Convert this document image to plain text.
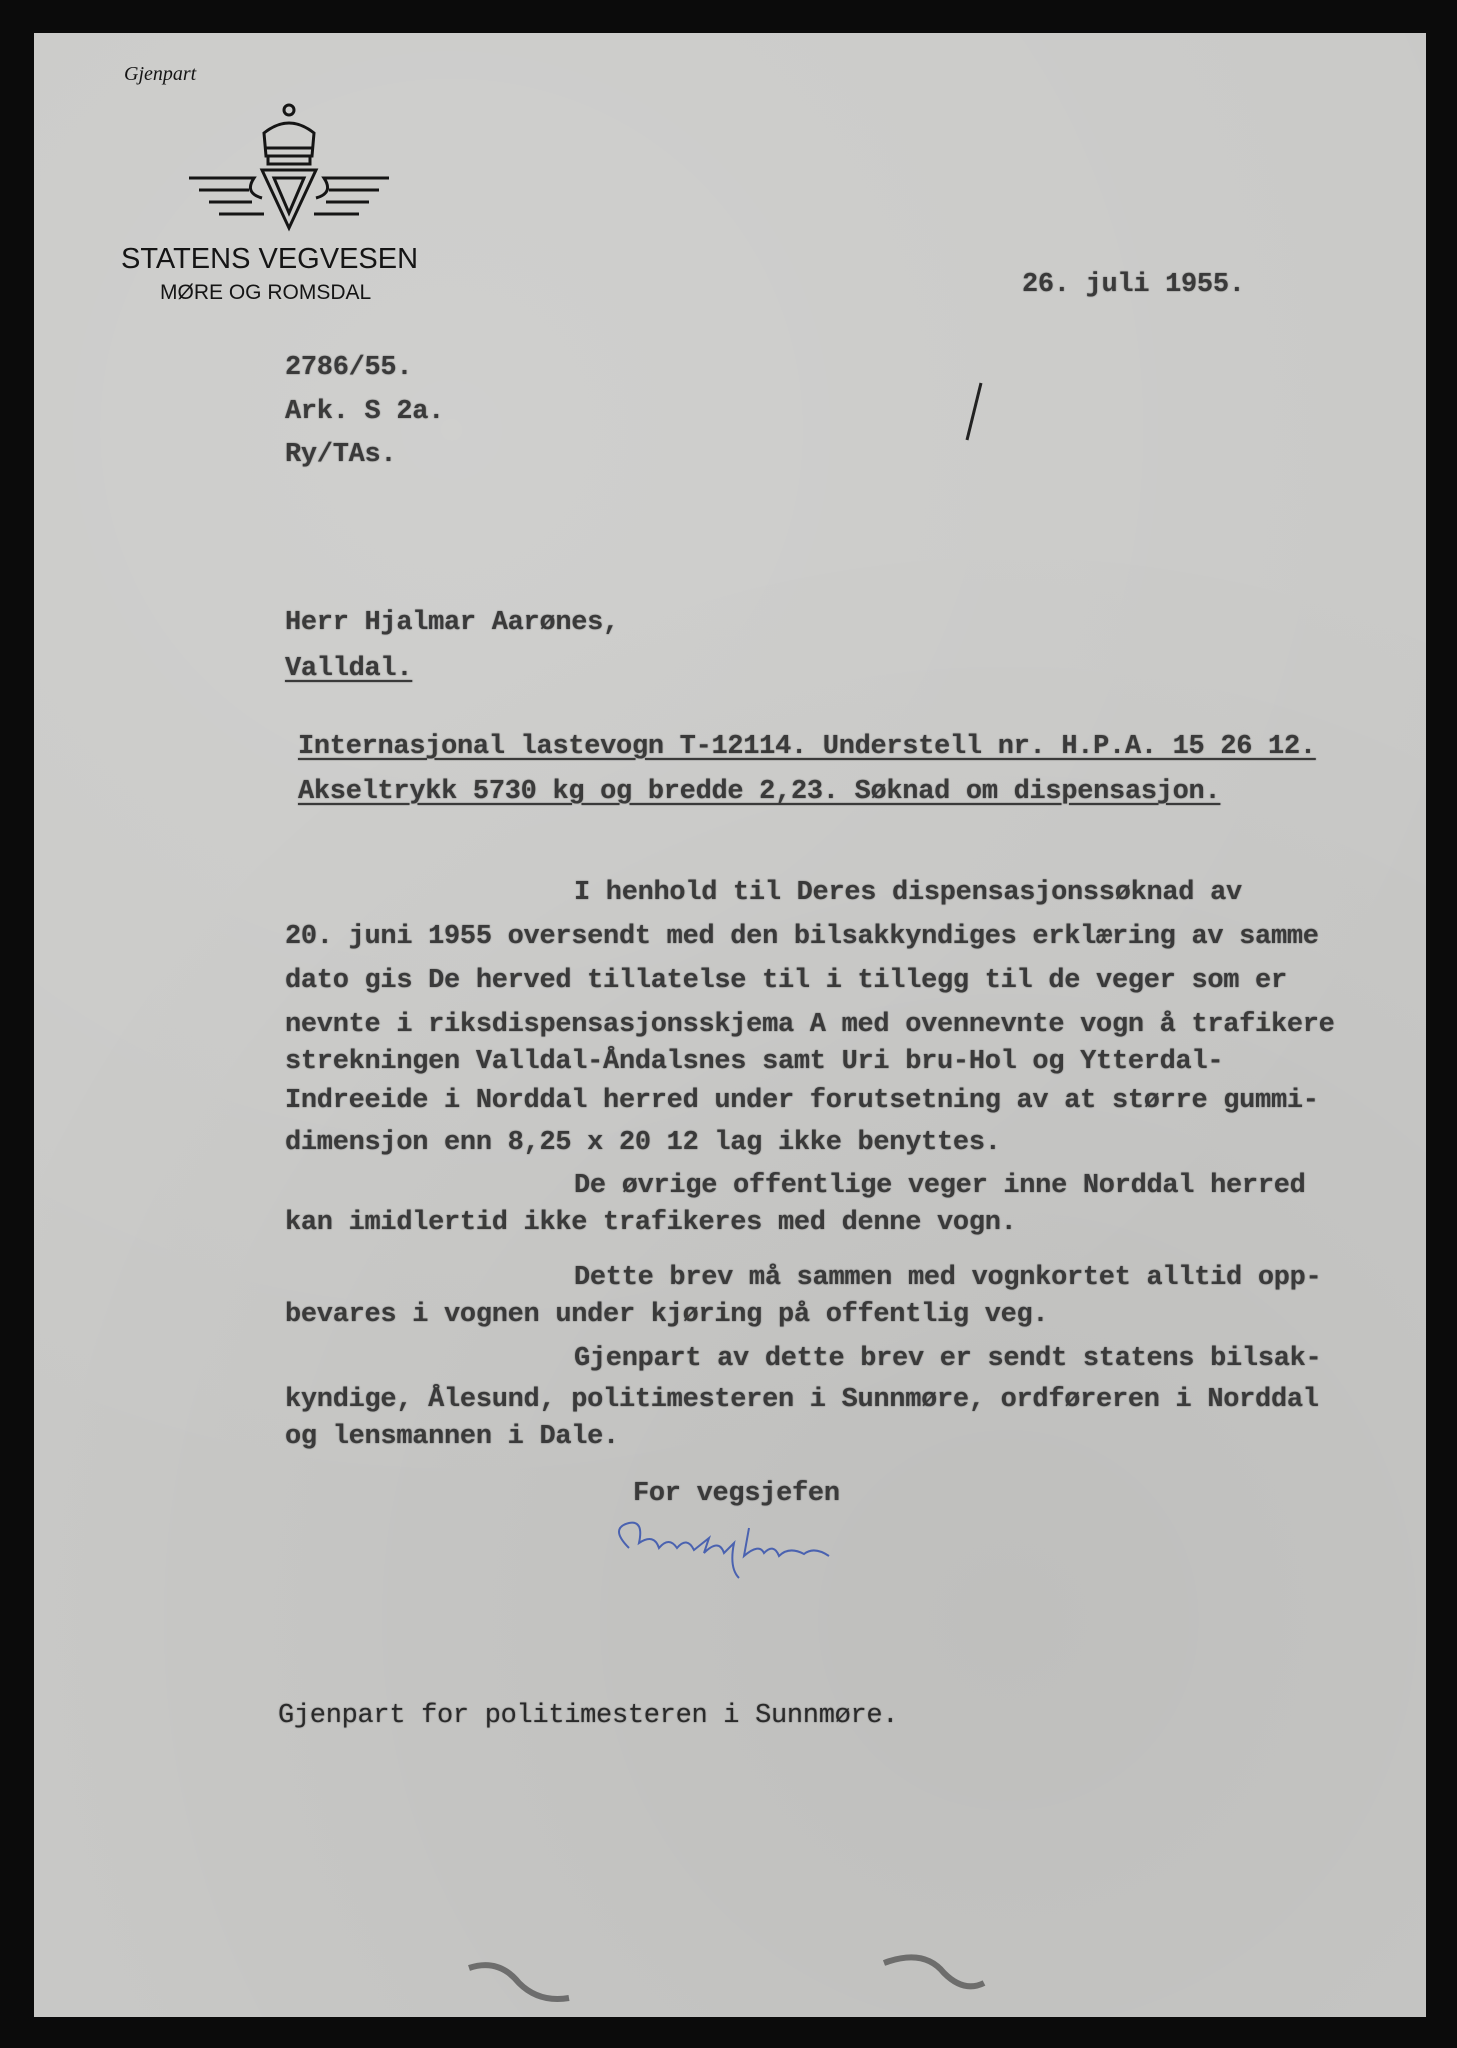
Gjenpart
STATENS VEGVESEN
MØRE OG ROMSDAL	26. juli 1955.
2786/55.
Ark. S 2a.
Ry/TAs.
Herr Hjalmar Aarønes,
Valldal.
Internasjonal lastevogn T-12114. Understell nr. H.P.A. 15 26 12.
Akseltrykk 5730 kg og bredde 2,23. Søknad om dispensasjon.
I henhold til Deres dispensasjonssøknad av
20. juni 1955 oversendt med den bilsakkyndiges erklæring av samme
dato gis De herved tillatelse til i tillegg til de veger som er
nevnte i riksdispensasjonsskjema A med ovennevnte vogn å trafikere
strekningen Valldal-Åndalsnes samt Uri bru-Hol og Ytterdal-
Indreeide i Norddal herred under forutsetning av at større gummi-
dimensjon enn 8,25 x 20 12 lag ikke benyttes.
De øvrige offentlige veger inne Norddal herred
kan imidlertid ikke trafikeres med denne vogn.
Dette brev må sammen med vognkortet alltid opp-
bevares i vognen under kjøring på offentlig veg.
Gjenpart av dette brev er sendt statens bilsak-
kyndige, Ålesund, politimesteren i Sunnmøre, ordføreren i Norddal
og lensmannen i Dale.
For vegsjefen
Gjenpart for politimesteren i Sunnmøre.
